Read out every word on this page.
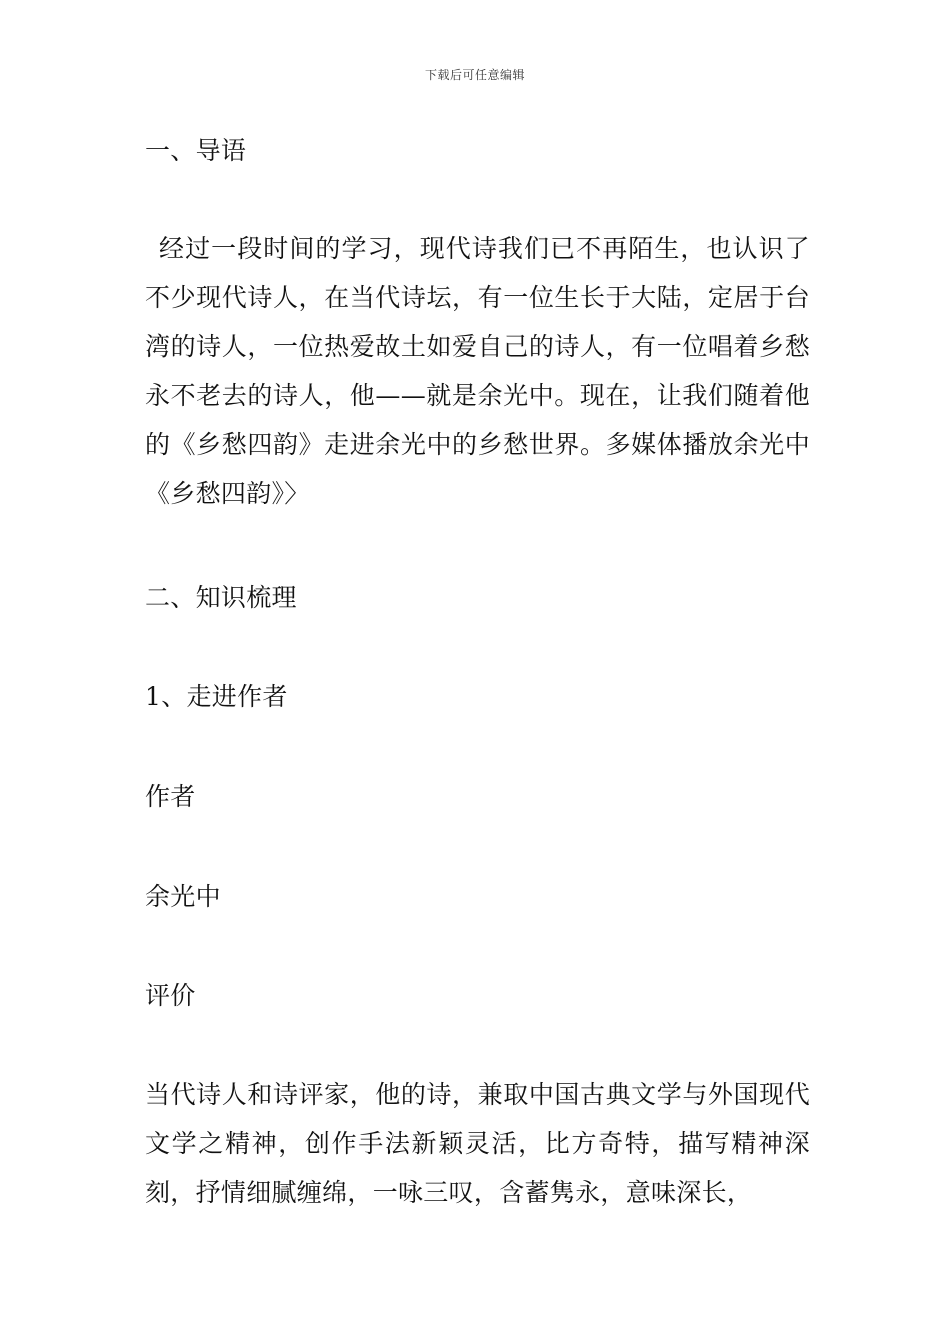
下载后可任意编辑

一、导语

经过一段时间的学习，现代诗我们已不再陌生，也认识了不少现代诗人，在当代诗坛，有一位生长于大陆，定居于台湾的诗人，一位热爱故土如爱自己的诗人，有一位唱着乡愁永不老去的诗人，他——就是余光中。现在，让我们随着他的《乡愁四韵》走进余光中的乡愁世界。多媒体播放余光中《乡愁四韵》〉

二、知识梳理

1、走进作者

作者

余光中

评价

当代诗人和诗评家，他的诗，兼取中国古典文学与外国现代文学之精神，创作手法新颖灵活，比方奇特，描写精神深刻，抒情细腻缠绵，一咏三叹，含蓄隽永，意味深长，
